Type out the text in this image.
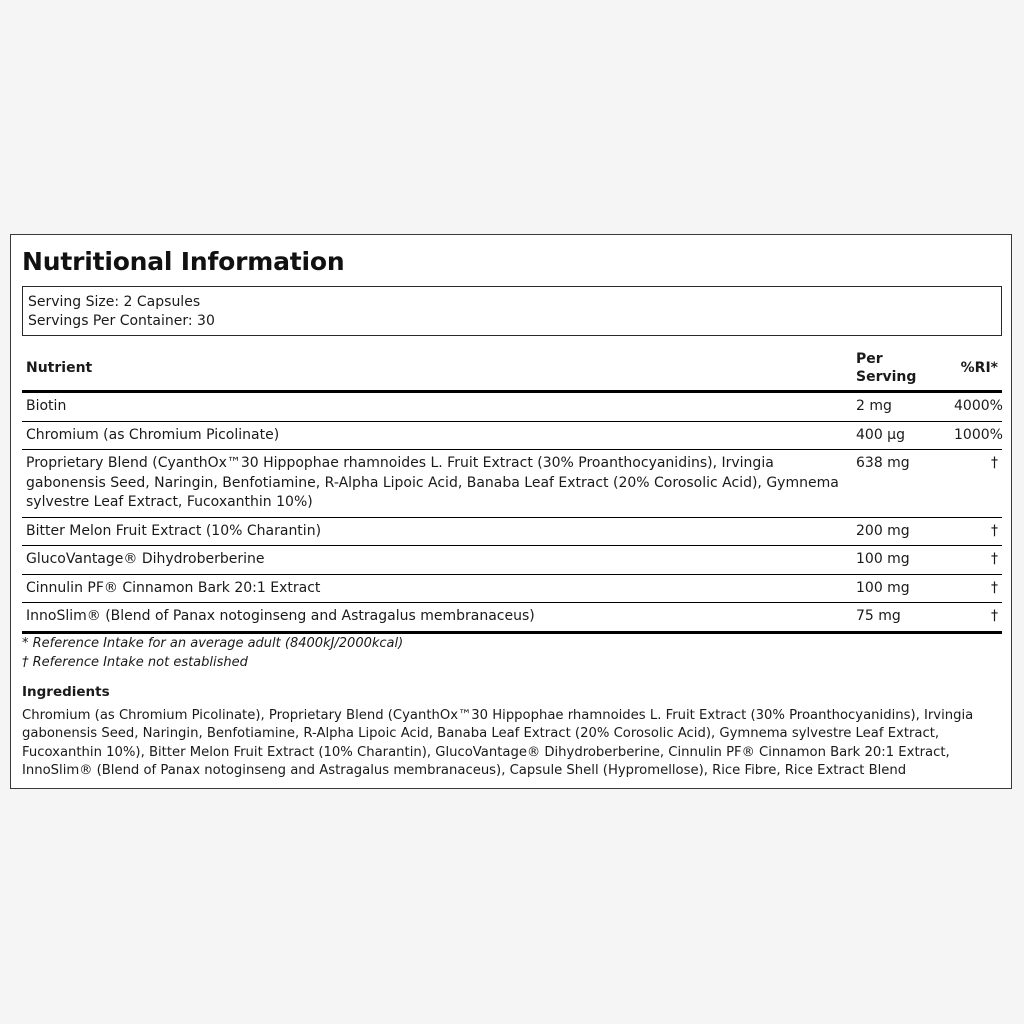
Nutritional Information
Serving Size: 2 Capsules
Servings Per Container: 30
Nutrient	Per Serving	%RI*
Biotin	2 mg	4000%
Chromium (as Chromium Picolinate)	400 µg	1000%
Proprietary Blend (CyanthOx™30 Hippophae rhamnoides L. Fruit Extract (30% Proanthocyanidins), Irvingia gabonensis Seed, Naringin, Benfotiamine, R-Alpha Lipoic Acid, Banaba Leaf Extract (20% Corosolic Acid), Gymnema sylvestre Leaf Extract, Fucoxanthin 10%)	638 mg	†
Bitter Melon Fruit Extract (10% Charantin)	200 mg	†
GlucoVantage® Dihydroberberine	100 mg	†
Cinnulin PF® Cinnamon Bark 20:1 Extract	100 mg	†
InnoSlim® (Blend of Panax notoginseng and Astragalus membranaceus)	75 mg	†
* Reference Intake for an average adult (8400kJ/2000kcal)
† Reference Intake not established
Ingredients
Chromium (as Chromium Picolinate), Proprietary Blend (CyanthOx™30 Hippophae rhamnoides L. Fruit Extract (30% Proanthocyanidins), Irvingia gabonensis Seed, Naringin, Benfotiamine, R-Alpha Lipoic Acid, Banaba Leaf Extract (20% Corosolic Acid), Gymnema sylvestre Leaf Extract, Fucoxanthin 10%), Bitter Melon Fruit Extract (10% Charantin), GlucoVantage® Dihydroberberine, Cinnulin PF® Cinnamon Bark 20:1 Extract, InnoSlim® (Blend of Panax notoginseng and Astragalus membranaceus), Capsule Shell (Hypromellose), Rice Fibre, Rice Extract Blend
